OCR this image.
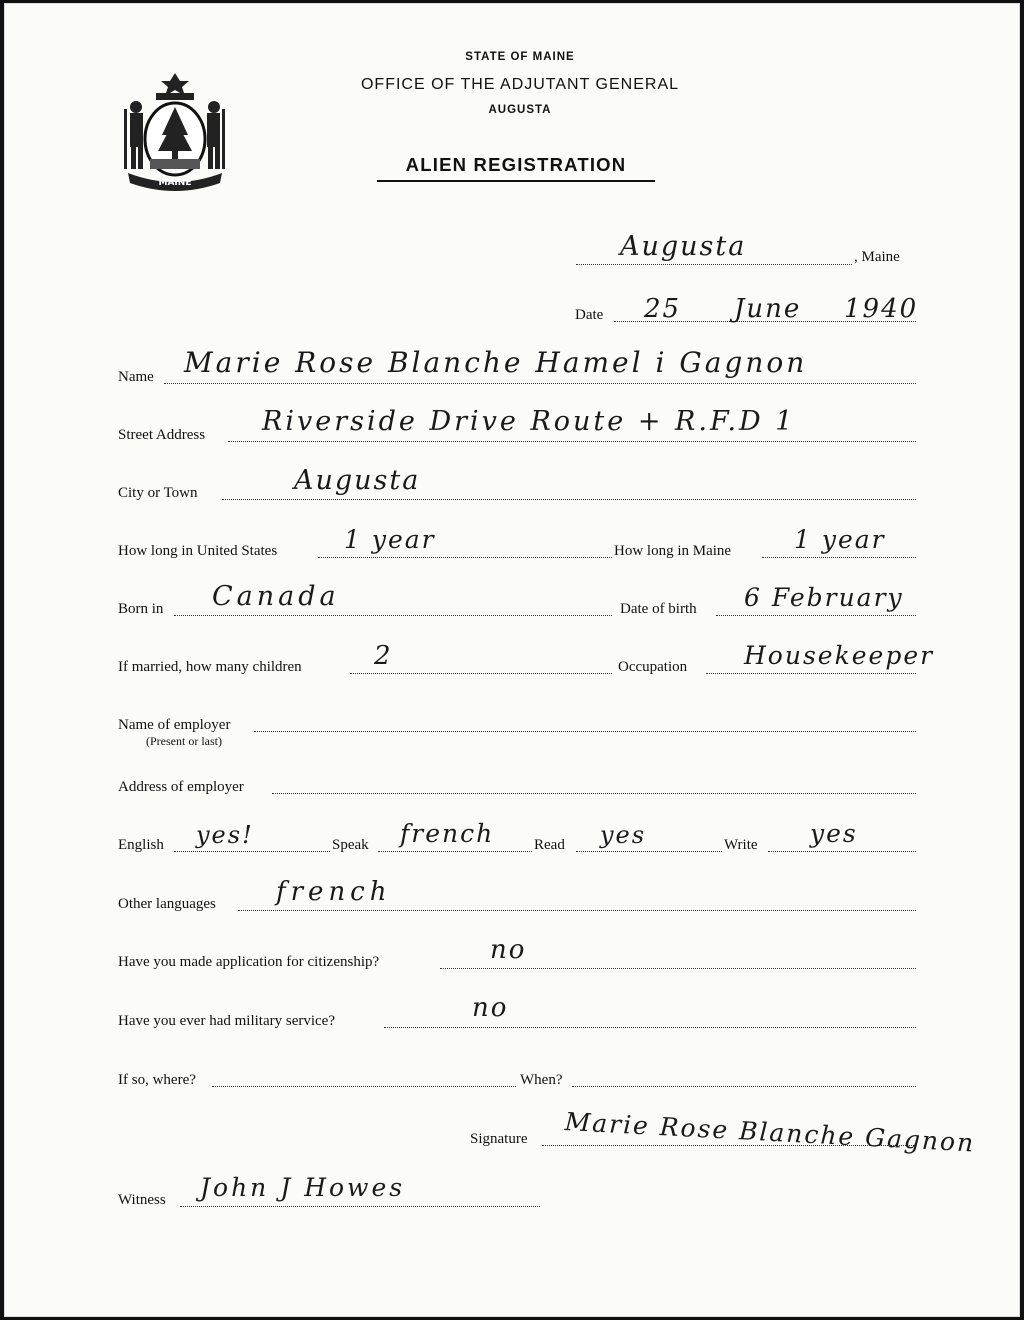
MAINE
STATE OF MAINE
OFFICE OF THE ADJUTANT GENERAL
AUGUSTA
ALIEN REGISTRATION
Augusta	, Maine
Date 25 June 1940
Name Marie Rose Blanche Hamel i Gagnon
Street Address Riverside Drive Route + R.F.D 1
City or Town	Augusta
How long in United States	1 year	How long in Maine	1 year
Born in Canada	Date of birth 6 February
If married, how many children	2	Occupation Housekeeper
Name of employer
(Present or last)
Address of employer
English yes!	Speak french	Read yes	Write yes
Other languages french
Have you made application for citizenship?	no
Have you ever had military service?	no
If so, where?	When?
Signature Marie Rose Blanche Gagnon
Witness John J Howes
